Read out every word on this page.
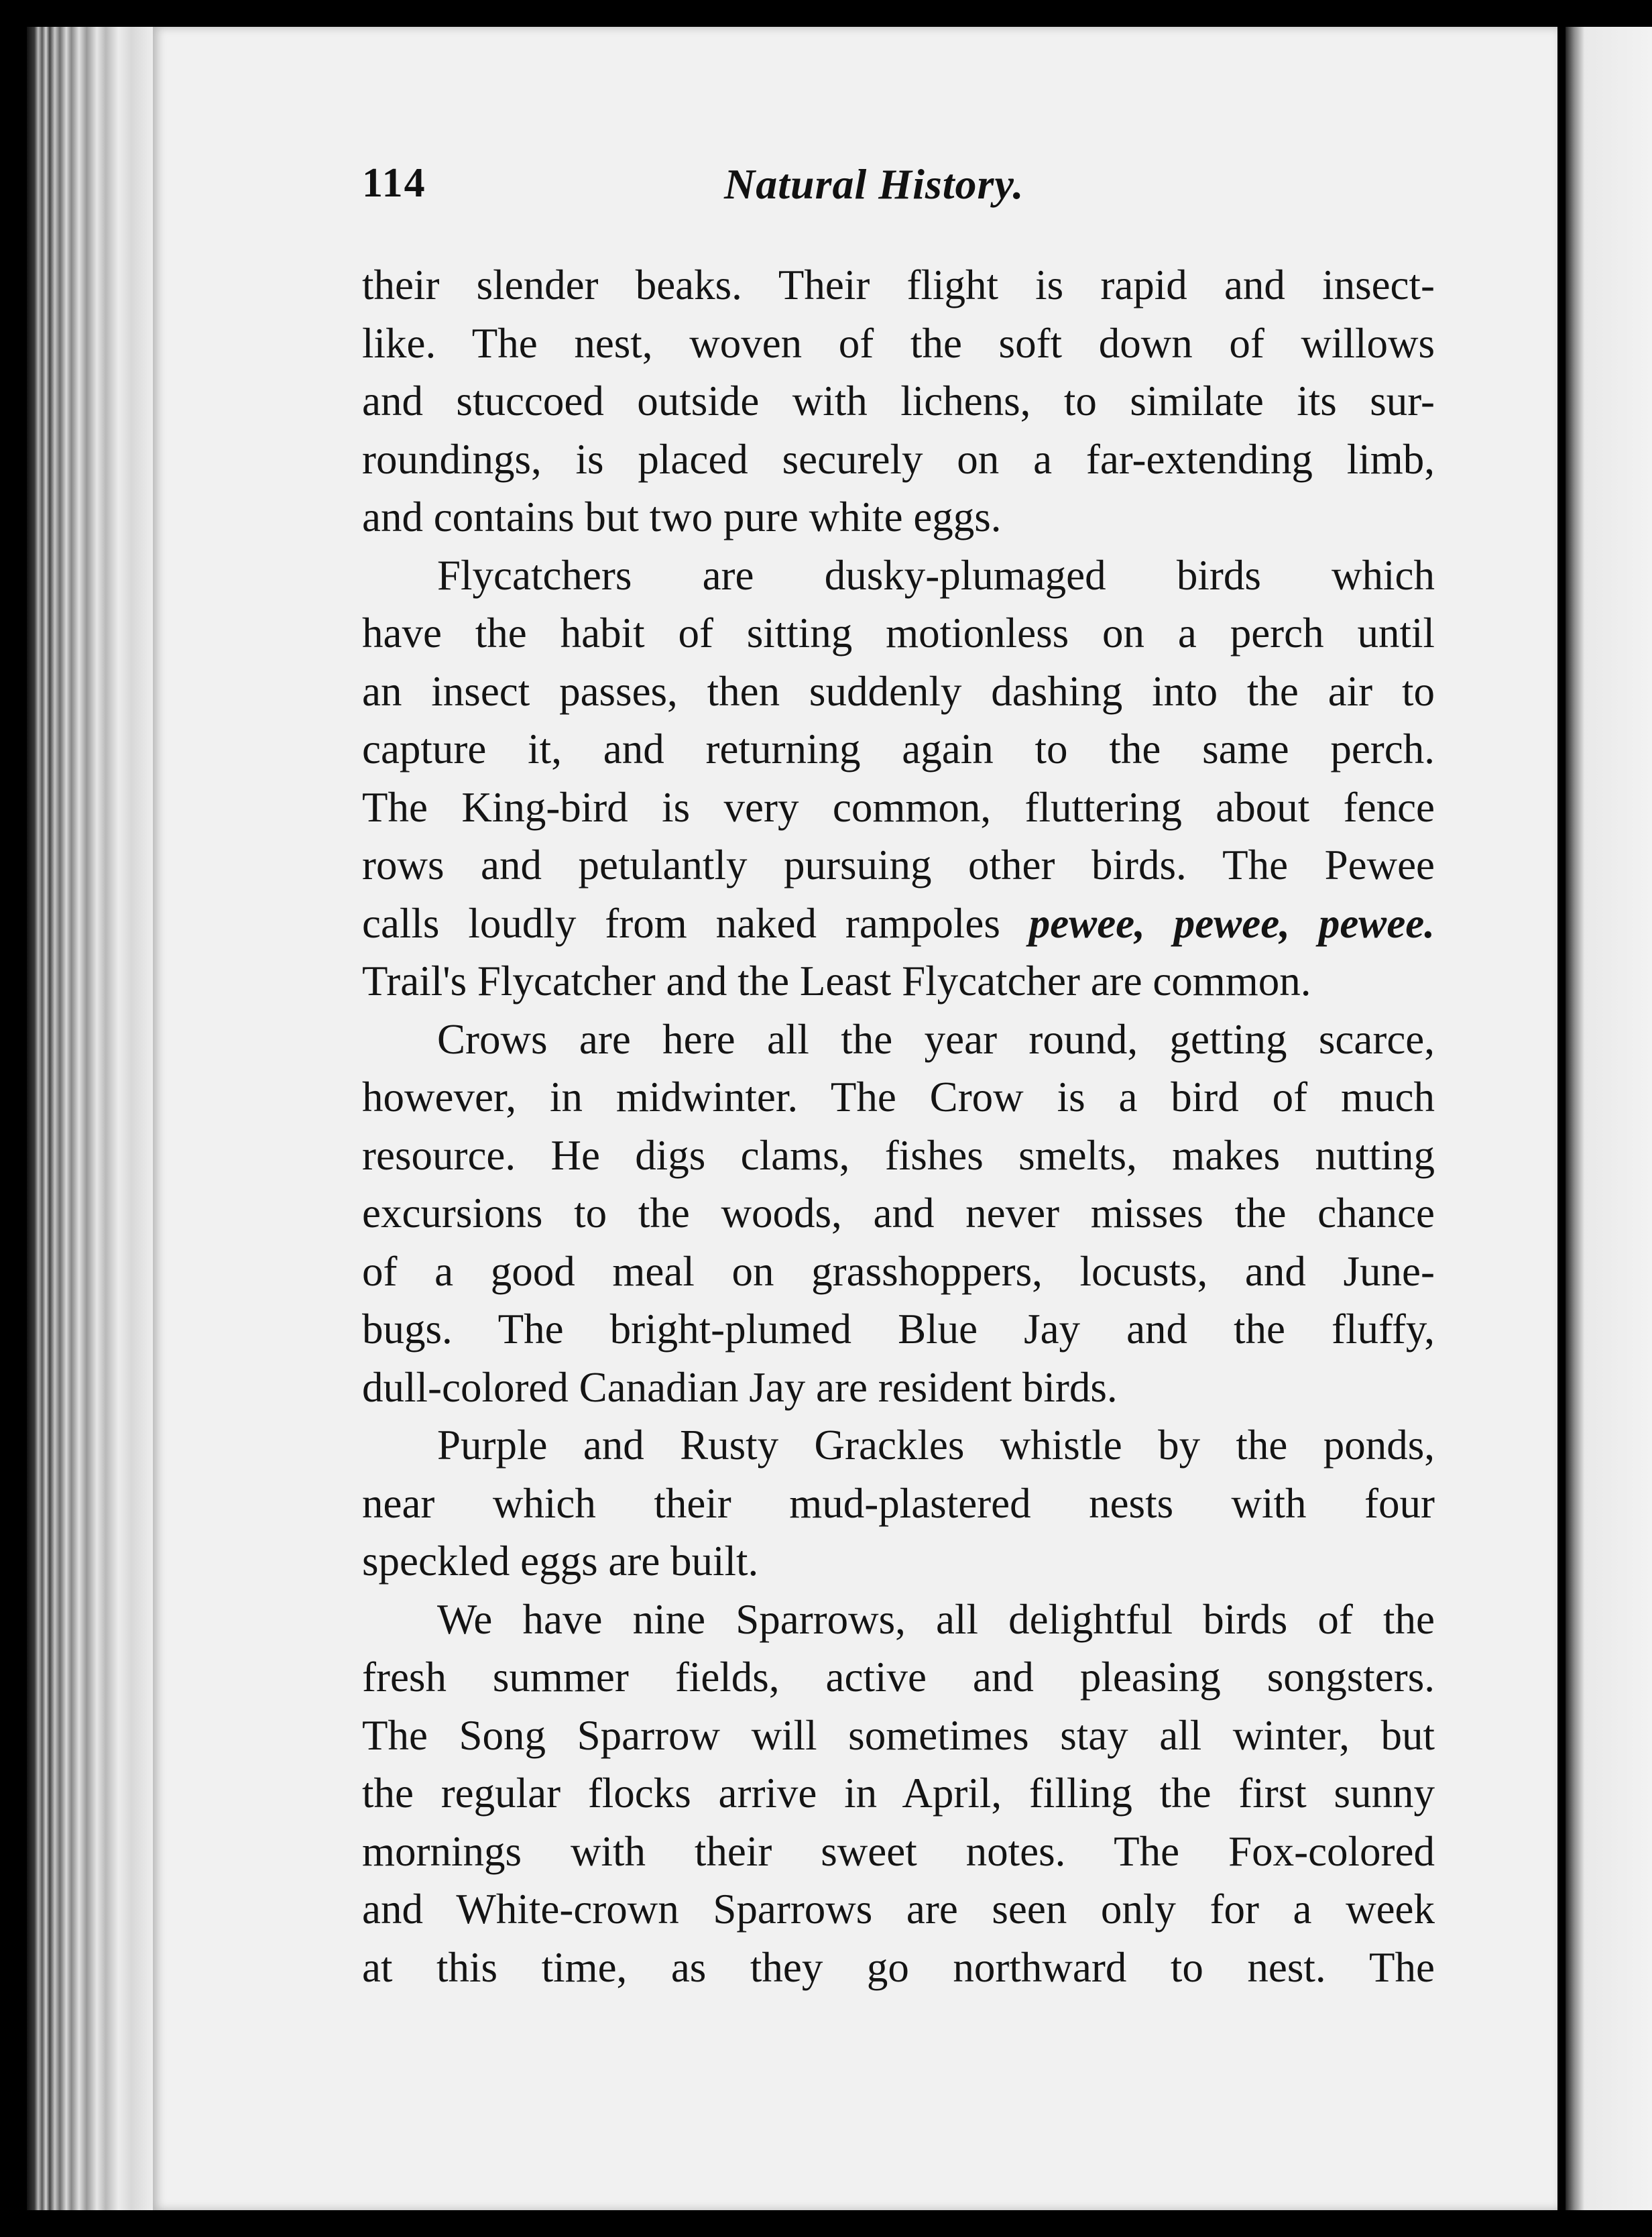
114	Natural History.

their slender beaks. Their flight is rapid and insect-
like. The nest, woven of the soft down of willows
and stuccoed outside with lichens, to similate its sur-
roundings, is placed securely on a far-extending limb,
and contains but two pure white eggs.

Flycatchers are dusky-plumaged birds which
have the habit of sitting motionless on a perch until
an insect passes, then suddenly dashing into the air to
capture it, and returning again to the same perch.
The King-bird is very common, fluttering about fence
rows and petulantly pursuing other birds. The Pewee
calls loudly from naked rampoles pewee, pewee, pewee.
Trail's Flycatcher and the Least Flycatcher are common.

Crows are here all the year round, getting scarce,
however, in midwinter. The Crow is a bird of much
resource. He digs clams, fishes smelts, makes nutting
excursions to the woods, and never misses the chance
of a good meal on grasshoppers, locusts, and June-
bugs. The bright-plumed Blue Jay and the fluffy,
dull-colored Canadian Jay are resident birds.

Purple and Rusty Grackles whistle by the ponds,
near which their mud-plastered nests with four
speckled eggs are built.

We have nine Sparrows, all delightful birds of the
fresh summer fields, active and pleasing songsters.
The Song Sparrow will sometimes stay all winter, but
the regular flocks arrive in April, filling the first sunny
mornings with their sweet notes. The Fox-colored
and White-crown Sparrows are seen only for a week
at this time, as they go northward to nest. The
